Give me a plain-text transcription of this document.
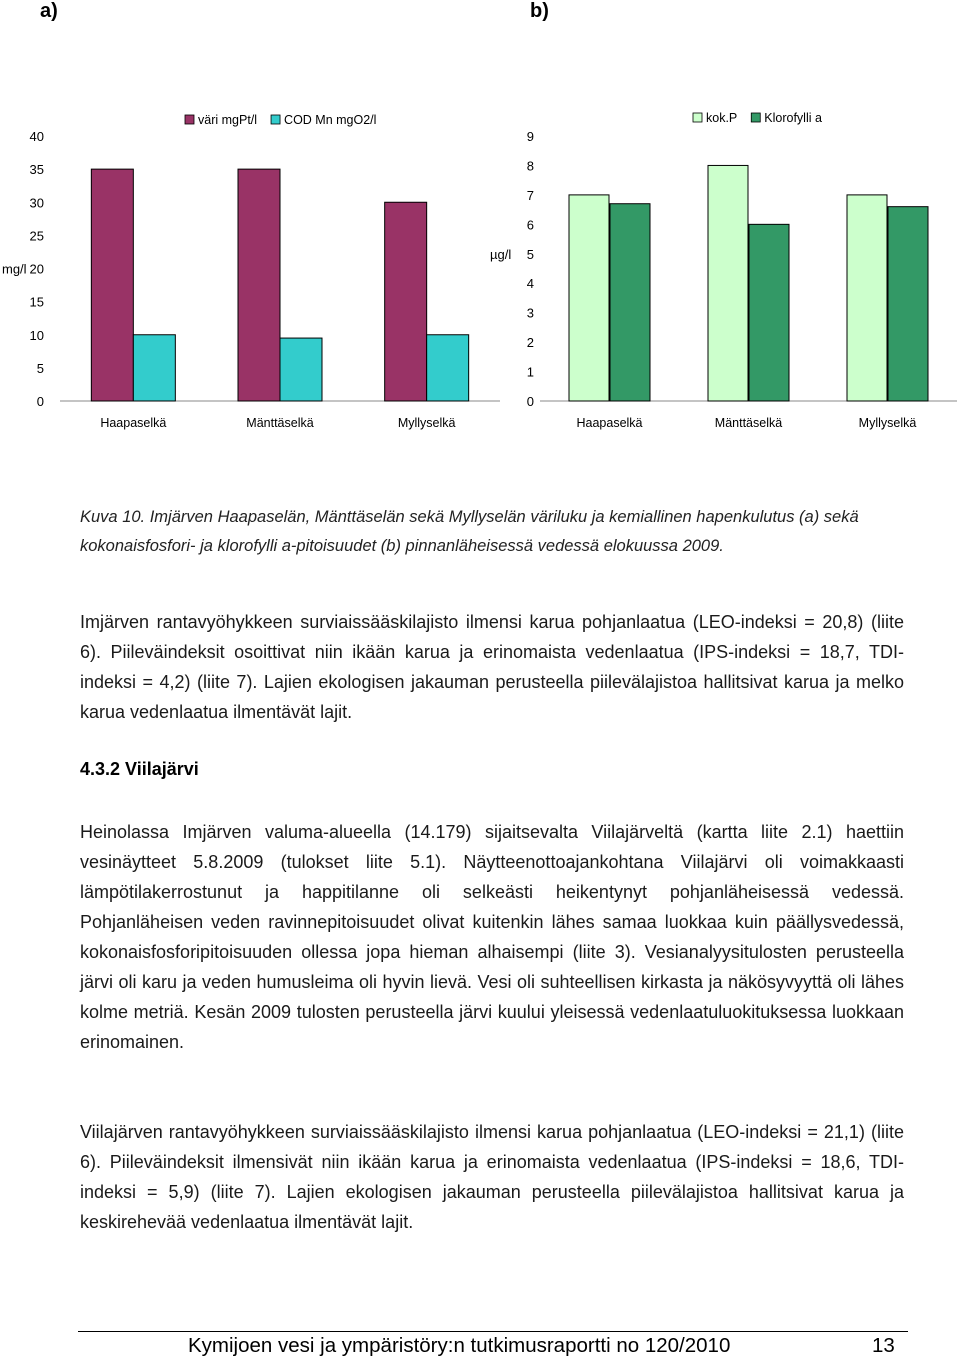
a)	b)
0
5
10
15
20
25
30
35
40
mg/l
Haapaselkä	Mänttäselkä	Myllyselkä
väri mgPt/l COD Mn mgO2/l
0
1
2
3
4
5
6
7
8
9
µg/l
Haapaselkä	Mänttäselkä	Myllyselkä
kok.P Klorofylli a
Kuva 10. Imjärven Haapaselän, Mänttäselän sekä Myllyselän väriluku ja kemiallinen hapenkulutus (a) sekä kokonaisfosfori- ja klorofylli a-pitoisuudet (b) pinnanläheisessä vedessä elokuussa 2009.

Imjärven rantavyöhykkeen surviaissääskilajisto ilmensi karua pohjanlaatua (LEO-indeksi = 20,8) (liite 6). Piileväindeksit osoittivat niin ikään karua ja erinomaista vedenlaatua (IPS-indeksi = 18,7, TDI-indeksi = 4,2) (liite 7). Lajien ekologisen jakauman perusteella piilevälajistoa hallitsivat karua ja melko karua vedenlaatua ilmentävät lajit.

4.3.2 Viilajärvi

Heinolassa Imjärven valuma-alueella (14.179) sijaitsevalta Viilajärveltä (kartta liite 2.1) haettiin vesinäytteet 5.8.2009 (tulokset liite 5.1). Näytteenottoajankohtana Viilajärvi oli voimakkaasti lämpötilakerrostunut ja happitilanne oli selkeästi heikentynyt pohjanläheisessä vedessä. Pohjanläheisen veden ravinnepitoisuudet olivat kuitenkin lähes samaa luokkaa kuin päällysvedessä, kokonaisfosforipitoisuuden ollessa jopa hieman alhaisempi (liite 3). Vesianalyysitulosten perusteella järvi oli karu ja veden humusleima oli hyvin lievä. Vesi oli suhteellisen kirkasta ja näkösyvyyttä oli lähes kolme metriä. Kesän 2009 tulosten perusteella järvi kuului yleisessä vedenlaatuluokituksessa luokkaan erinomainen.

Viilajärven rantavyöhykkeen surviaissääskilajisto ilmensi karua pohjanlaatua (LEO-indeksi = 21,1) (liite 6). Piileväindeksit ilmensivät niin ikään karua ja erinomaista vedenlaatua (IPS-indeksi = 18,6, TDI-indeksi = 5,9) (liite 7). Lajien ekologisen jakauman perusteella piilevälajistoa hallitsivat karua ja keskirehevää vedenlaatua ilmentävät lajit.

Kymijoen vesi ja ympäristöry:n tutkimusraportti no 120/2010	13
